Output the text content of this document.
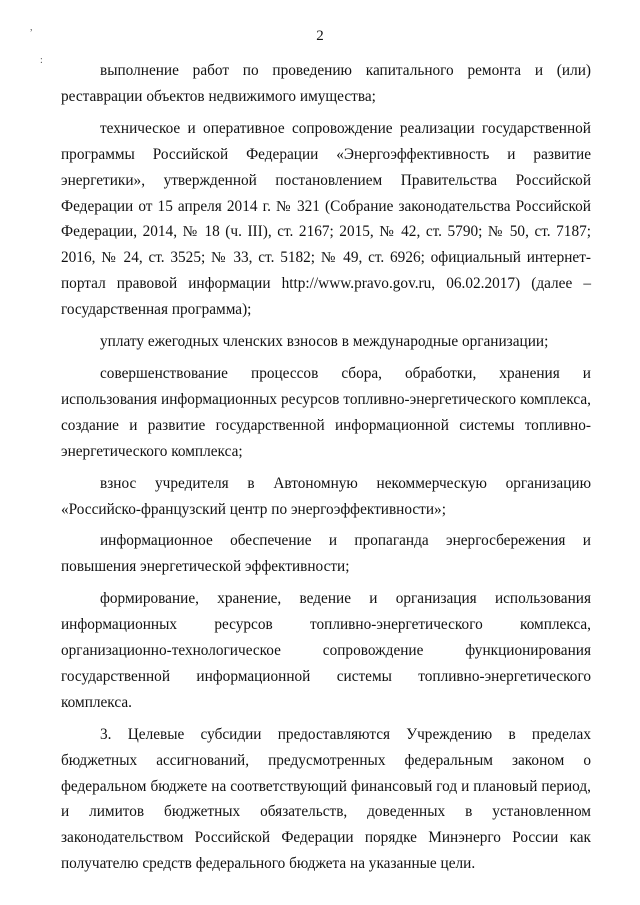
,
:
2

выполнение работ по проведению капитального ремонта и (или) реставрации объектов недвижимого имущества;

техническое и оперативное сопровождение реализации государственной программы Российской Федерации «Энергоэффективность и развитие энергетики», утвержденной постановлением Правительства Российской Федерации от 15 апреля 2014 г. № 321 (Собрание законодательства Российской Федерации, 2014, № 18 (ч. III), ст. 2167; 2015, № 42, ст. 5790; № 50, ст. 7187; 2016, № 24, ст. 3525; № 33, ст. 5182; № 49, ст. 6926; официальный интернет-портал правовой информации http://www.pravo.gov.ru, 06.02.2017) (далее – государственная программа);

уплату ежегодных членских взносов в международные организации;

совершенствование процессов сбора, обработки, хранения и использования информационных ресурсов топливно-энергетического комплекса, создание и развитие государственной информационной системы топливно-энергетического комплекса;

взнос учредителя в Автономную некоммерческую организацию «Российско-французский центр по энергоэффективности»;

информационное обеспечение и пропаганда энергосбережения и повышения энергетической эффективности;

формирование, хранение, ведение и организация использования информационных ресурсов топливно-энергетического комплекса, организационно-технологическое сопровождение функционирования государственной информационной системы топливно-энергетического комплекса.

3. Целевые субсидии предоставляются Учреждению в пределах бюджетных ассигнований, предусмотренных федеральным законом о федеральном бюджете на соответствующий финансовый год и плановый период, и лимитов бюджетных обязательств, доведенных в установленном законодательством Российской Федерации порядке Минэнерго России как получателю средств федерального бюджета на указанные цели.
